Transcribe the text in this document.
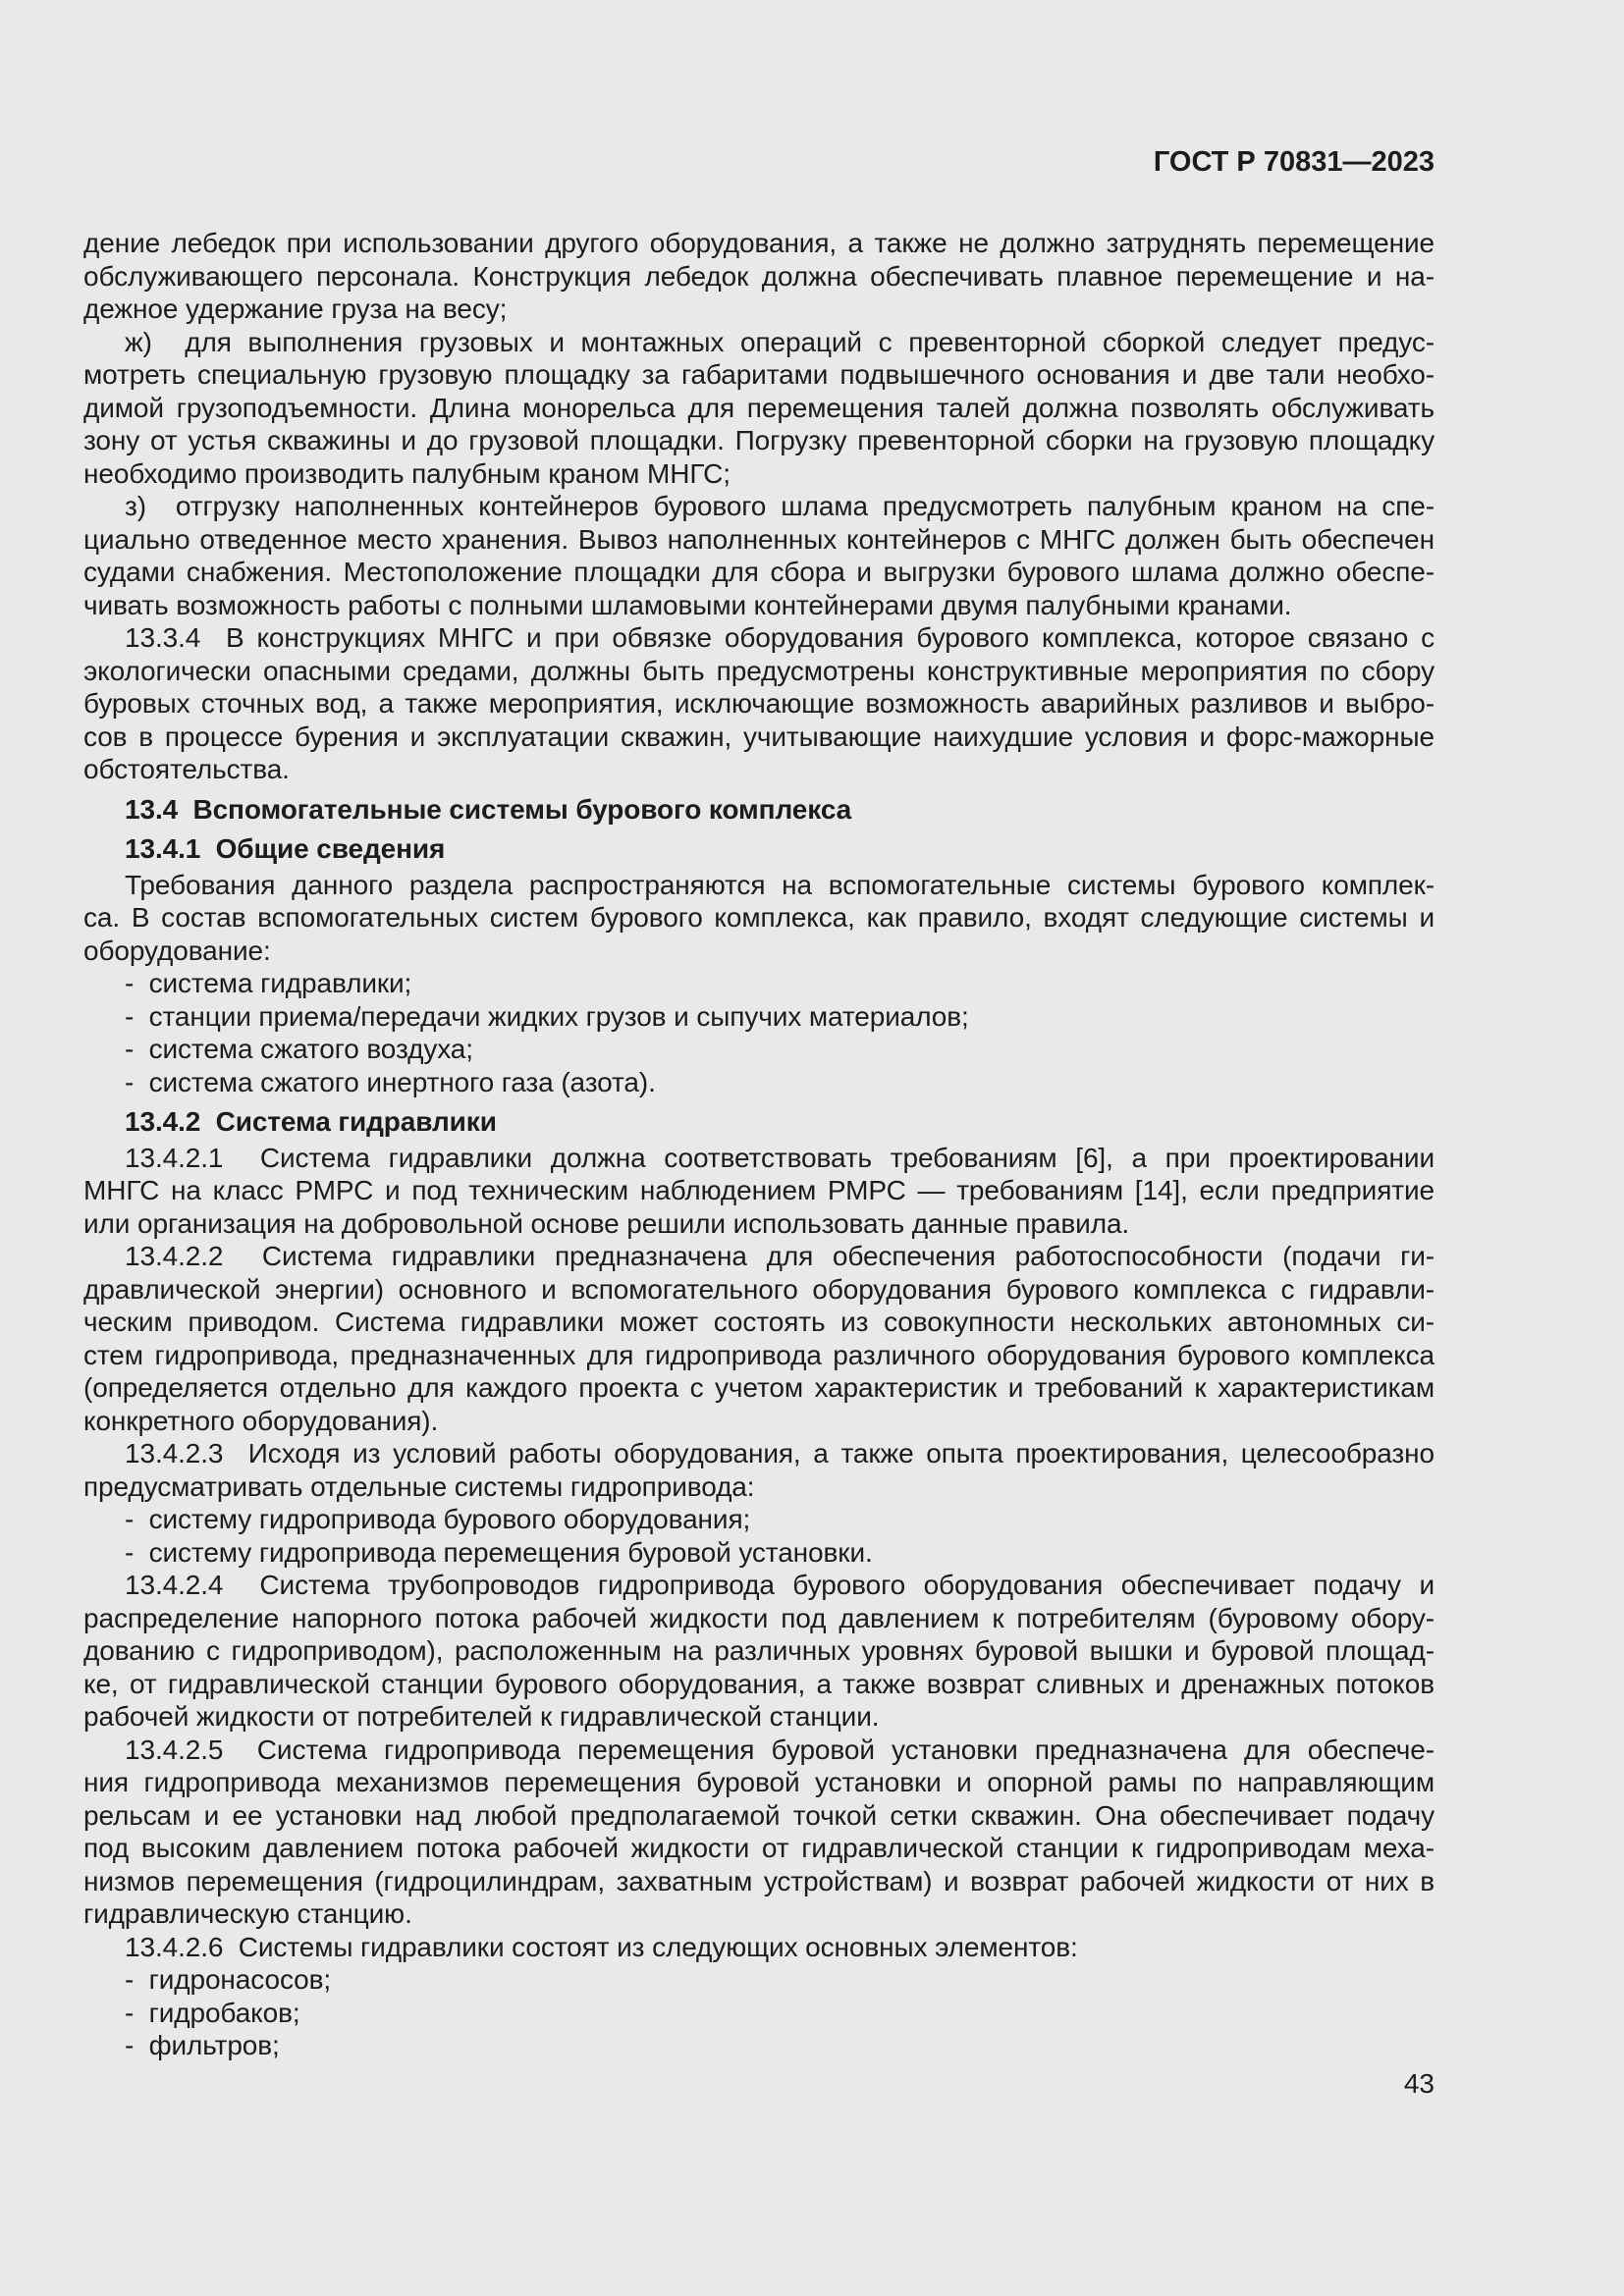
ГОСТ Р 70831—2023
дение лебедок при использовании другого оборудования, а также не должно затруднять перемещение
обслуживающего персонала. Конструкция лебедок должна обеспечивать плавное перемещение и на-
дежное удержание груза на весу;
ж)  для выполнения грузовых и монтажных операций с превенторной сборкой следует предус-
мотреть специальную грузовую площадку за габаритами подвышечного основания и две тали необхо-
димой грузоподъемности. Длина монорельса для перемещения талей должна позволять обслуживать
зону от устья скважины и до грузовой площадки. Погрузку превенторной сборки на грузовую площадку
необходимо производить палубным краном МНГС;
з)  отгрузку наполненных контейнеров бурового шлама предусмотреть палубным краном на спе-
циально отведенное место хранения. Вывоз наполненных контейнеров с МНГС должен быть обеспечен
судами снабжения. Местоположение площадки для сбора и выгрузки бурового шлама должно обеспе-
чивать возможность работы с полными шламовыми контейнерами двумя палубными кранами.
13.3.4  В конструкциях МНГС и при обвязке оборудования бурового комплекса, которое связано с
экологически опасными средами, должны быть предусмотрены конструктивные мероприятия по сбору
буровых сточных вод, а также мероприятия, исключающие возможность аварийных разливов и выбро-
сов в процессе бурения и эксплуатации скважин, учитывающие наихудшие условия и форс-мажорные
обстоятельства.
13.4  Вспомогательные системы бурового комплекса
13.4.1  Общие сведения
Требования данного раздела распространяются на вспомогательные системы бурового комплек-
са. В состав вспомогательных систем бурового комплекса, как правило, входят следующие системы и
оборудование:
-  система гидравлики;
-  станции приема/передачи жидких грузов и сыпучих материалов;
-  система сжатого воздуха;
-  система сжатого инертного газа (азота).
13.4.2  Система гидравлики
13.4.2.1  Система гидравлики должна соответствовать требованиям [6], а при проектировании
МНГС на класс РМРС и под техническим наблюдением РМРС — требованиям [14], если предприятие
или организация на добровольной основе решили использовать данные правила.
13.4.2.2  Система гидравлики предназначена для обеспечения работоспособности (подачи ги-
дравлической энергии) основного и вспомогательного оборудования бурового комплекса с гидравли-
ческим приводом. Система гидравлики может состоять из совокупности нескольких автономных си-
стем гидропривода, предназначенных для гидропривода различного оборудования бурового комплекса
(определяется отдельно для каждого проекта с учетом характеристик и требований к характеристикам
конкретного оборудования).
13.4.2.3  Исходя из условий работы оборудования, а также опыта проектирования, целесообразно
предусматривать отдельные системы гидропривода:
-  систему гидропривода бурового оборудования;
-  систему гидропривода перемещения буровой установки.
13.4.2.4  Система трубопроводов гидропривода бурового оборудования обеспечивает подачу и
распределение напорного потока рабочей жидкости под давлением к потребителям (буровому обору-
дованию с гидроприводом), расположенным на различных уровнях буровой вышки и буровой площад-
ке, от гидравлической станции бурового оборудования, а также возврат сливных и дренажных потоков
рабочей жидкости от потребителей к гидравлической станции.
13.4.2.5  Система гидропривода перемещения буровой установки предназначена для обеспече-
ния гидропривода механизмов перемещения буровой установки и опорной рамы по направляющим
рельсам и ее установки над любой предполагаемой точкой сетки скважин. Она обеспечивает подачу
под высоким давлением потока рабочей жидкости от гидравлической станции к гидроприводам меха-
низмов перемещения (гидроцилиндрам, захватным устройствам) и возврат рабочей жидкости от них в
гидравлическую станцию.
13.4.2.6  Системы гидравлики состоят из следующих основных элементов:
-  гидронасосов;
-  гидробаков;
-  фильтров;
43
